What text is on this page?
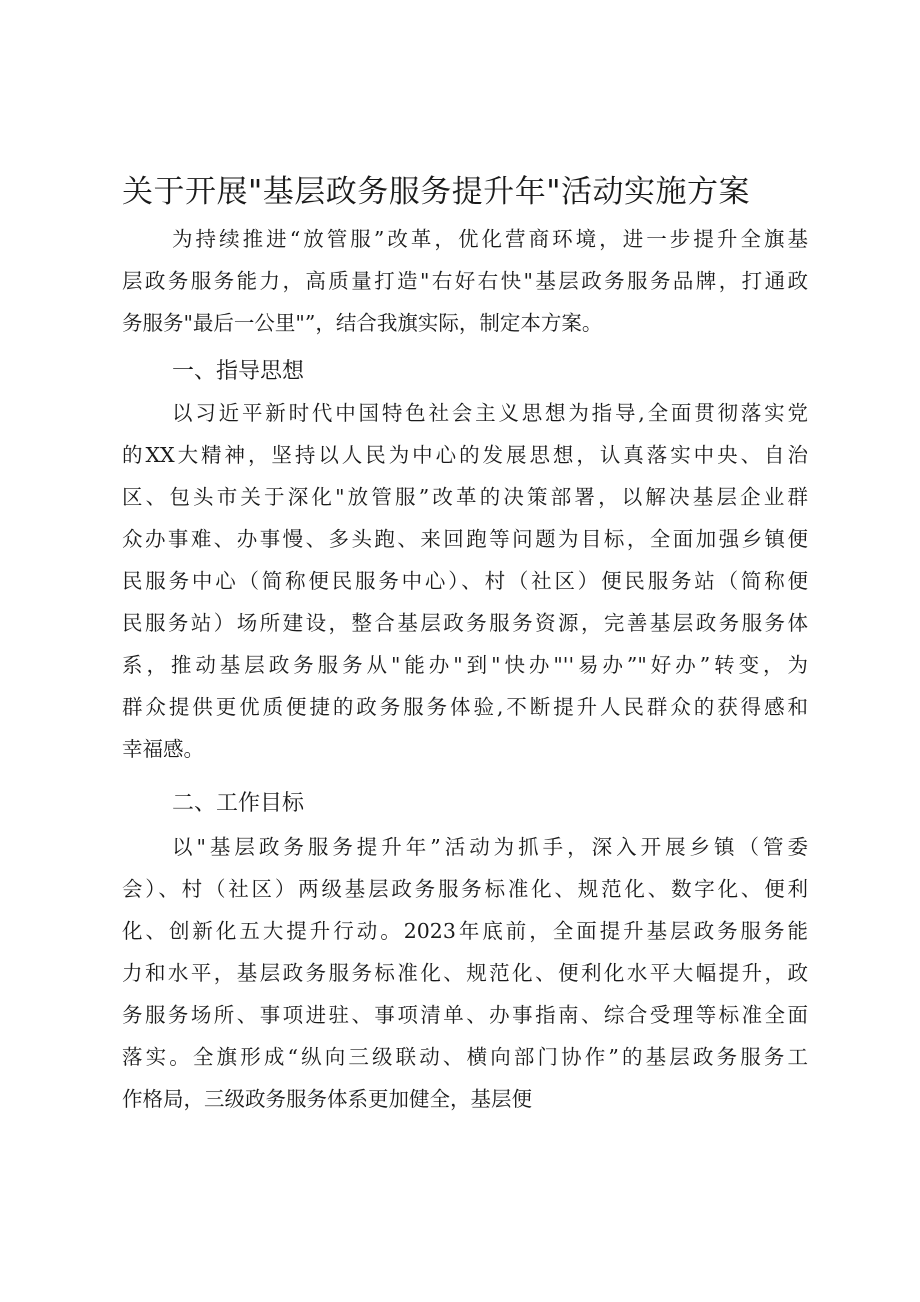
关于开展"基层政务服务提升年"活动实施方案
为持续推进“放管服”改革，优化营商环境，进一步提升全旗基
层政务服务能力，高质量打造"右好右快"基层政务服务品牌，打通政
务服务"最后一公里"”，结合我旗实际，制定本方案。
一、指导思想
以习近平新时代中国特色社会主义思想为指导,全面贯彻落实党
的XX大精神，坚持以人民为中心的发展思想，认真落实中央、自治
区、包头市关于深化"放管服”改革的决策部署，以解决基层企业群
众办事难、办事慢、多头跑、来回跑等问题为目标，全面加强乡镇便
民服务中心（简称便民服务中心）、村（社区）便民服务站（简称便
民服务站）场所建设，整合基层政务服务资源，完善基层政务服务体
系，推动基层政务服务从"能办"到"快办"''易办”"好办”转变，为
群众提供更优质便捷的政务服务体验,不断提升人民群众的获得感和
幸福感。
二、工作目标
以"基层政务服务提升年”活动为抓手，深入开展乡镇（管委
会）、村（社区）两级基层政务服务标准化、规范化、数字化、便利
化、创新化五大提升行动。2023年底前，全面提升基层政务服务能
力和水平，基层政务服务标准化、规范化、便利化水平大幅提升，政
务服务场所、事项进驻、事项清单、办事指南、综合受理等标准全面
落实。全旗形成“纵向三级联动、横向部门协作”的基层政务服务工
作格局，三级政务服务体系更加健全，基层便
